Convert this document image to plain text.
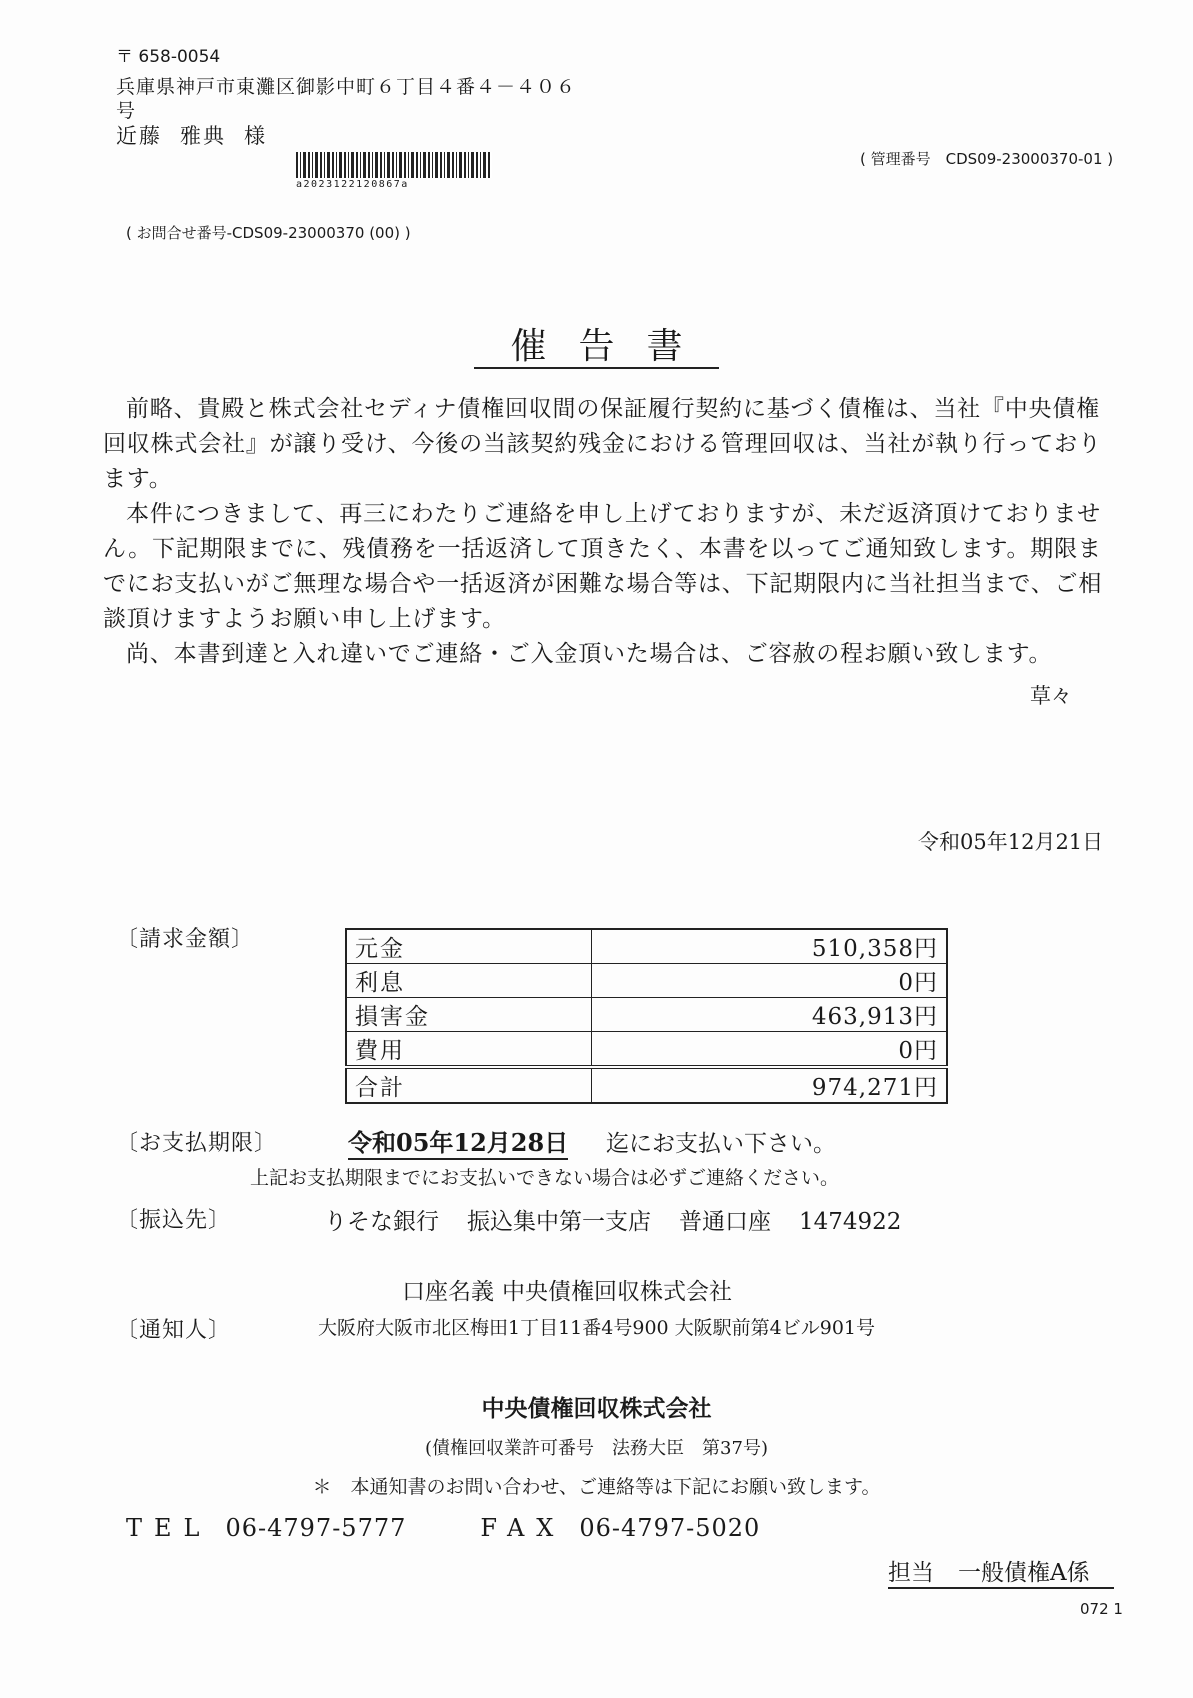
〒 658-0054
兵庫県神戸市東灘区御影中町６丁目４番４－４０６
号
近藤 雅典 様
a2023122120867a
( 管理番号　CDS09-23000370-01 )
( お問合せ番号-CDS09-23000370 (00) )
催告書

前略、貴殿と株式会社セディナ債権回収間の保証履行契約に基づく債権は、当社『中央債権回収株式会社』が譲り受け、今後の当該契約残金における管理回収は、当社が執り行っております。

本件につきまして、再三にわたりご連絡を申し上げておりますが、未だ返済頂けておりません。下記期限までに、残債務を一括返済して頂きたく、本書を以ってご通知致します。期限までにお支払いがご無理な場合や一括返済が困難な場合等は、下記期限内に当社担当まで、ご相談頂けますようお願い申し上げます。

尚、本書到達と入れ違いでご連絡・ご入金頂いた場合は、ご容赦の程お願い致します。

草々
令和05年12月21日
〔請求金額〕	元金	510,358円
利息	0円
損害金	463,913円
費用	0円
合計	974,271円
〔お支払期限〕	令和05年12月28日 迄にお支払い下さい。
上記お支払期限までにお支払いできない場合は必ずご連絡ください。
〔振込先〕	りそな銀行 振込集中第一支店 普通口座 1474922
口座名義 中央債権回収株式会社
〔通知人〕	大阪府大阪市北区梅田1丁目11番4号900 大阪駅前第4ビル901号
中央債権回収株式会社
(債権回収業許可番号　法務大臣　第37号)
＊　本通知書のお問い合わせ、ご連絡等は下記にお願い致します。
TEL 06-4797-5777	FAX 06-4797-5020
担当 一般債権A係
072 1
